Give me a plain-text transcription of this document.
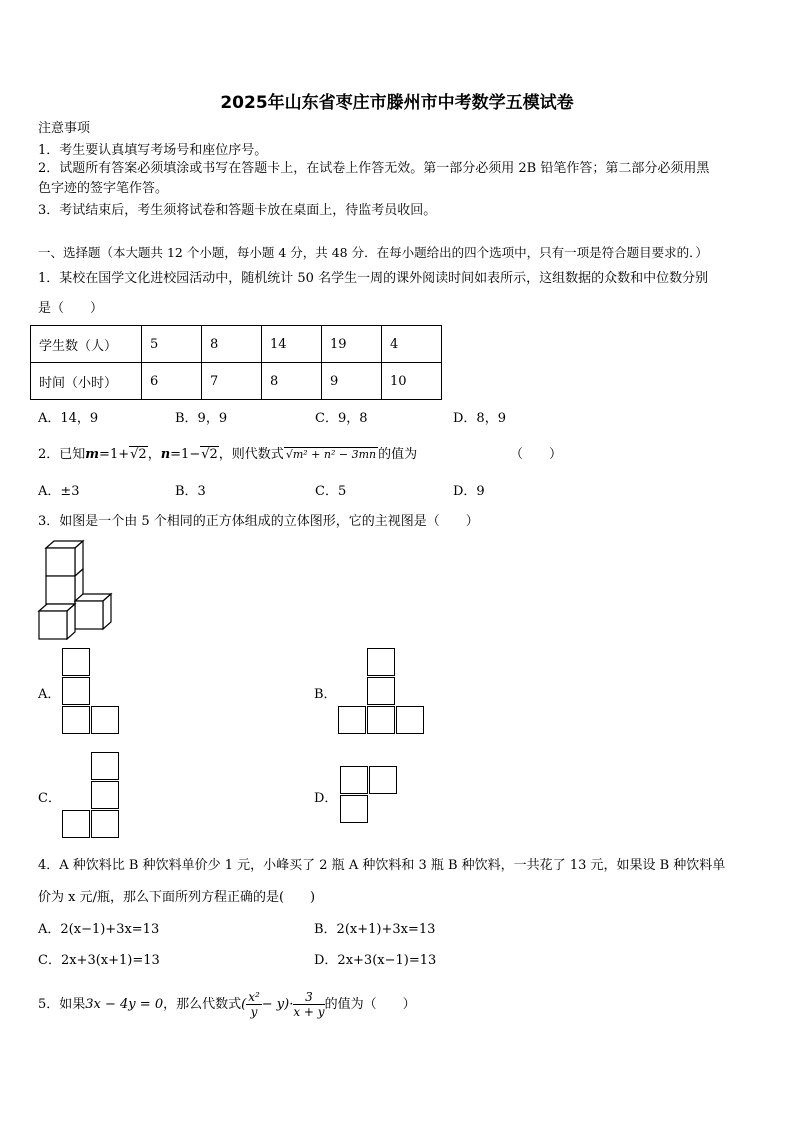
2025年山东省枣庄市滕州市中考数学五模试卷
注意事项
1．考生要认真填写考场号和座位序号。
2．试题所有答案必须填涂或书写在答题卡上，在试卷上作答无效。第一部分必须用 2B 铅笔作答；第二部分必须用黑
色字迹的签字笔作答。
3．考试结束后，考生须将试卷和答题卡放在桌面上，待监考员收回。
一、选择题（本大题共 12 个小题，每小题 4 分，共 48 分．在每小题给出的四个选项中，只有一项是符合题目要求的．）
1．某校在国学文化进校园活动中，随机统计 50 名学生一周的课外阅读时间如表所示，这组数据的众数和中位数分别
是（　　）
学生数（人）	5	8	14	19	4
时间（小时）	6	7	8	9	10
A．14，9	B．9，9	C．9，8	D．8，9
2．已知m=1+√2，n=1−√2，则代数式 √m² + n² − 3mn 的值为	（　　）
A．±3	B．3	C．5	D．9
3．如图是一个由 5 个相同的正方体组成的立体图形，它的主视图是（　　）
A．	B．
C．	D．
4．A 种饮料比 B 种饮料单价少 1 元，小峰买了 2 瓶 A 种饮料和 3 瓶 B 种饮料，一共花了 13 元，如果设 B 种饮料单
价为 x 元/瓶，那么下面所列方程正确的是(　　)
A．2(x−1)+3x=13	B．2(x+1)+3x=13
C．2x+3(x+1)=13	D．2x+3(x−1)=13
5．如果3x − 4y = 0，那么代数式( $\frac{\text{x²}}{y} - y)\cdot \frac{3}{x + y}$ 的值为（　　）
